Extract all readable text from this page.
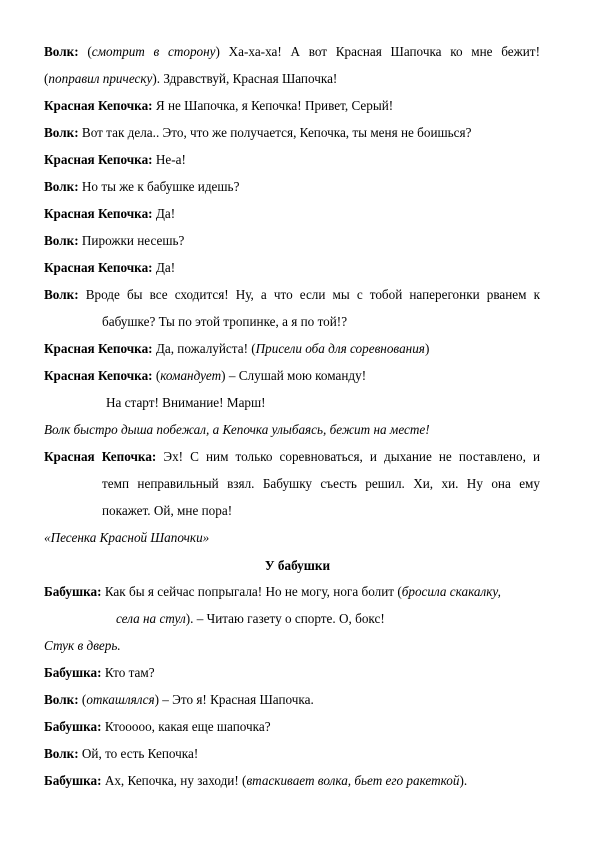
Волк: (смотрит в сторону) Ха-ха-ха! А вот Красная Шапочка ко мне бежит!
(поправил прическу). Здравствуй, Красная Шапочка!
Красная Кепочка: Я не Шапочка, я Кепочка! Привет, Серый!
Волк: Вот так дела.. Это, что же получается, Кепочка, ты меня не боишься?
Красная Кепочка: Не-а!
Волк: Но ты же к бабушке идешь?
Красная Кепочка: Да!
Волк: Пирожки несешь?
Красная Кепочка: Да!
Волк: Вроде бы все сходится! Ну, а что если мы с тобой наперегонки рванем к
бабушке? Ты по этой тропинке, а я по той!?
Красная Кепочка: Да, пожалуйста! (Присели оба для соревнования)
Красная Кепочка: (командует) – Слушай мою команду!
На старт! Внимание! Марш!
Волк быстро дыша побежал, а Кепочка улыбаясь, бежит на месте!
Красная Кепочка: Эх! С ним только соревноваться, и дыхание не поставлено, и
темп неправильный взял. Бабушку съесть решил. Хи, хи. Ну она ему
покажет. Ой, мне пора!
«Песенка Красной Шапочки»
У бабушки
Бабушка: Как бы я сейчас попрыгала! Но не могу, нога болит (бросила скакалку,
села на стул). – Читаю газету о спорте. О, бокс!
Стук в дверь.
Бабушка: Кто там?
Волк: (откашлялся) – Это я! Красная Шапочка.
Бабушка: Ктооооо, какая еще шапочка?
Волк: Ой, то есть Кепочка!
Бабушка: Ах, Кепочка, ну заходи! (втаскивает волка, бьет его ракеткой).
